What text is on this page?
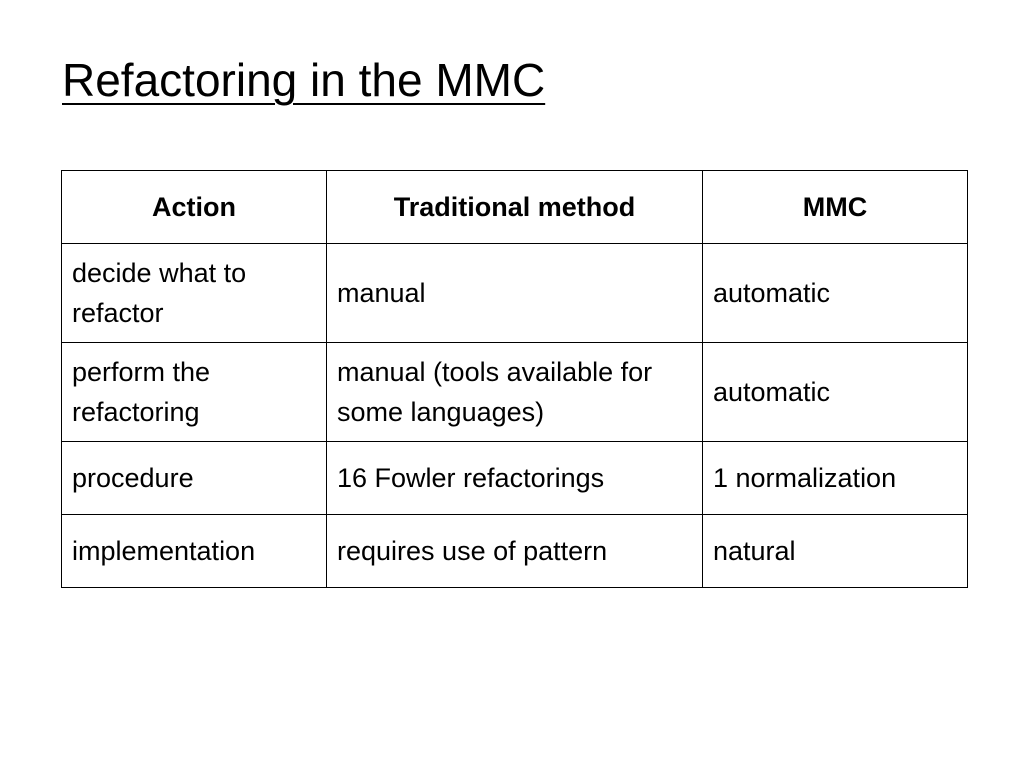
Refactoring in the MMC
Action	Traditional method	MMC
decide what to refactor	manual	automatic
perform the refactoring	manual (tools available for some languages)	automatic
procedure	16 Fowler refactorings	1 normalization
implementation	requires use of pattern	natural
